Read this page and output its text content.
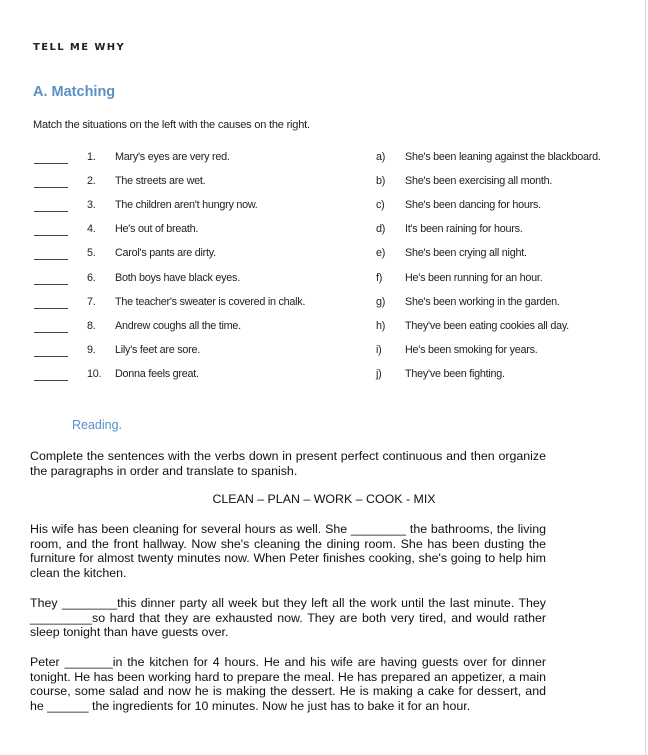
TELL ME WHY
A. Matching
Match the situations on the left with the causes on the right.
1. Mary's eyes are very red.	a) She's been leaning against the blackboard.
2. The streets are wet.	b) She's been exercising all month.
3. The children aren't hungry now.	c) She's been dancing for hours.
4. He's out of breath.	d) It's been raining for hours.
5. Carol's pants are dirty.	e) She's been crying all night.
6. Both boys have black eyes.	f) He's been running for an hour.
7. The teacher's sweater is covered in chalk.	g) She's been working in the garden.
8. Andrew coughs all the time.	h) They've been eating cookies all day.
9. Lily's feet are sore.	i) He's been smoking for years.
10. Donna feels great.	j) They've been fighting.
Reading.
Complete the sentences with the verbs down in present perfect continuous and then organize the paragraphs in order and translate to spanish.
CLEAN – PLAN – WORK – COOK - MIX
His wife has been cleaning for several hours as well. She ________ the bathrooms, the living room, and the front hallway. Now she's cleaning the dining room. She has been dusting the furniture for almost twenty minutes now. When Peter finishes cooking, she's going to help him clean the kitchen.
They ________this dinner party all week but they left all the work until the last minute. They _________so hard that they are exhausted now. They are both very tired, and would rather sleep tonight than have guests over.
Peter _______in the kitchen for 4 hours. He and his wife are having guests over for dinner tonight. He has been working hard to prepare the meal. He has prepared an appetizer, a main course, some salad and now he is making the dessert. He is making a cake for dessert, and he ______ the ingredients for 10 minutes. Now he just has to bake it for an hour.
